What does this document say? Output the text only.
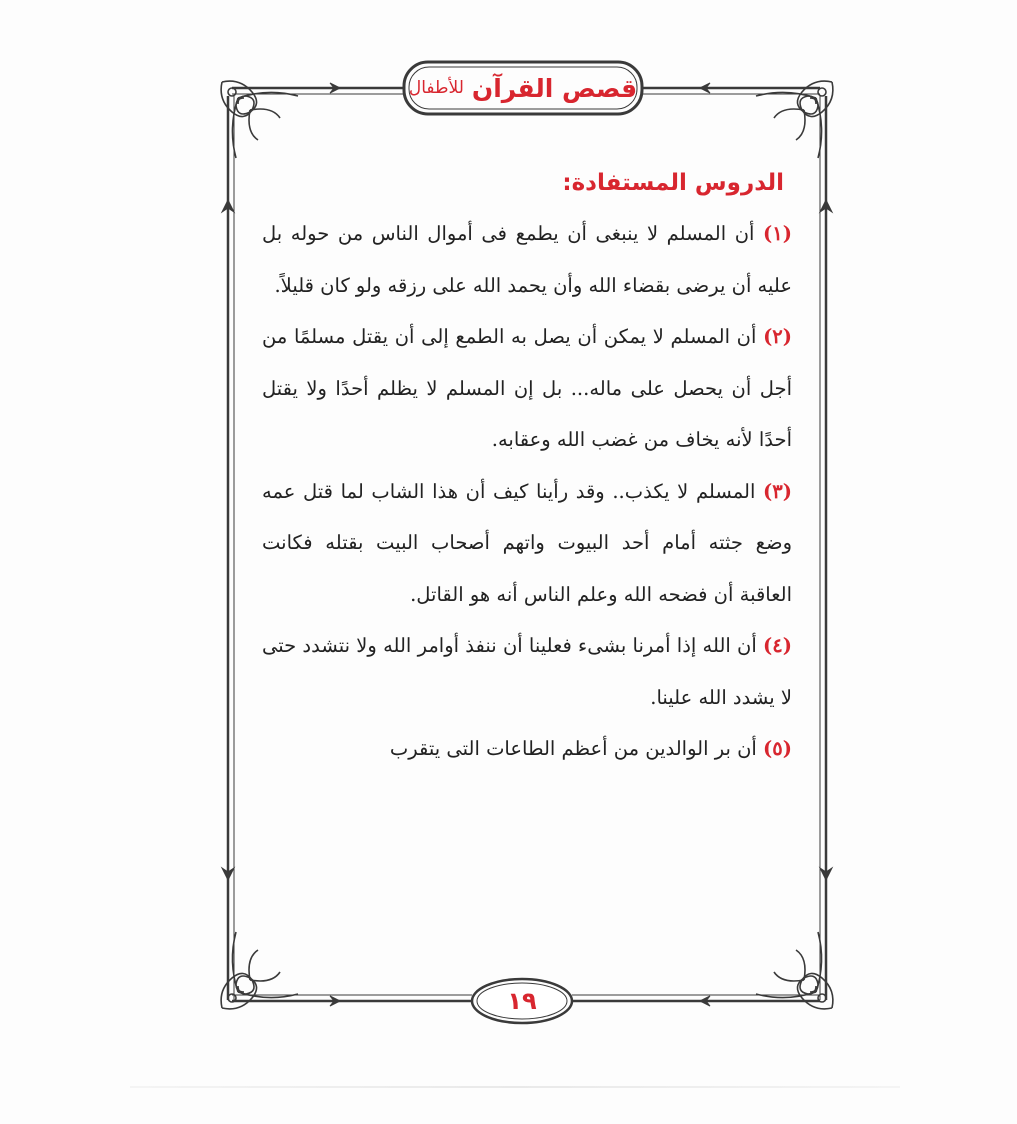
قصص القرآن
للأطفال
الدروس المستفادة:

(١) أن المسلم لا ينبغى أن يطمع فى أموال الناس من حوله بل عليه أن يرضى بقضاء الله وأن يحمد الله على رزقه ولو كان قليلاً.

(٢) أن المسلم لا يمكن أن يصل به الطمع إلى أن يقتل مسلمًا من أجل أن يحصل على ماله... بل إن المسلم لا يظلم أحدًا ولا يقتل أحدًا لأنه يخاف من غضب الله وعقابه.

(٣) المسلم لا يكذب.. وقد رأينا كيف أن هذا الشاب لما قتل عمه وضع جثته أمام أحد البيوت واتهم أصحاب البيت بقتله فكانت العاقبة أن فضحه الله وعلم الناس أنه هو القاتل.

(٤) أن الله إذا أمرنا بشىء فعلينا أن ننفذ أوامر الله ولا نتشدد حتى لا يشدد الله علينا.

(٥) أن بر الوالدين من أعظم الطاعات التى يتقرب

١٩
